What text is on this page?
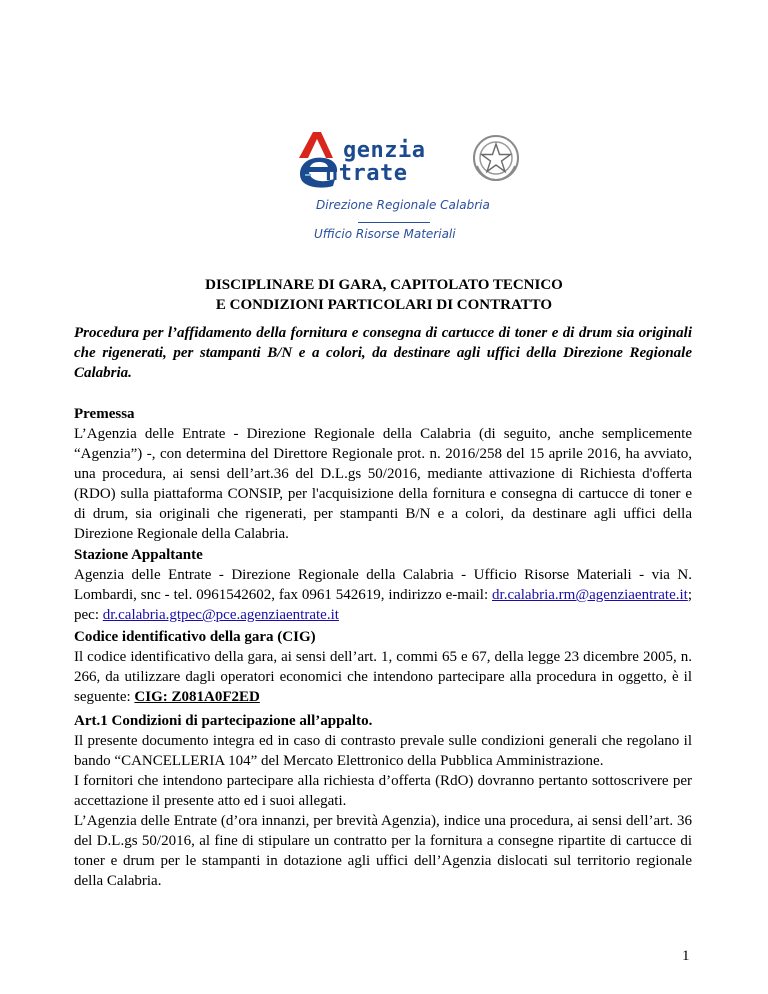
genzia
ntrate
Direzione Regionale Calabria
Ufficio Risorse Materiali
DISCIPLINARE DI GARA, CAPITOLATO TECNICO
E CONDIZIONI PARTICOLARI DI CONTRATTO
Procedura per l’affidamento della fornitura e consegna di cartucce di toner e di drum sia originali che rigenerati, per stampanti B/N e a colori, da destinare agli uffici della Direzione Regionale Calabria.
Premessa

L’Agenzia delle Entrate - Direzione Regionale della Calabria (di seguito, anche semplicemente “Agenzia”) -, con determina del Direttore Regionale prot. n. 2016/258 del 15 aprile 2016, ha avviato, una procedura, ai sensi dell’art.36 del D.L.gs 50/2016, mediante attivazione di Richiesta d'offerta (RDO) sulla piattaforma CONSIP, per l'acquisizione della fornitura e consegna di cartucce di toner e di drum, sia originali che rigenerati, per stampanti B/N e a colori, da destinare agli uffici della Direzione Regionale della Calabria.

Stazione Appaltante

Agenzia delle Entrate - Direzione Regionale della Calabria - Ufficio Risorse Materiali - via N. Lombardi, snc - tel. 0961542602, fax 0961 542619, indirizzo e-mail: dr.calabria.rm@agenziaentrate.it; pec: dr.calabria.gtpec@pce.agenziaentrate.it

Codice identificativo della gara (CIG)

Il codice identificativo della gara, ai sensi dell’art. 1, commi 65 e 67, della legge 23 dicembre 2005, n. 266, da utilizzare dagli operatori economici che intendono partecipare alla procedura in oggetto, è il seguente: CIG: Z081A0F2ED

Art.1 Condizioni di partecipazione all’appalto.

Il presente documento integra ed in caso di contrasto prevale sulle condizioni generali che regolano il bando “CANCELLERIA 104” del Mercato Elettronico della Pubblica Amministrazione.

I fornitori che intendono partecipare alla richiesta d’offerta (RdO) dovranno pertanto sottoscrivere per accettazione il presente atto ed i suoi allegati.

L’Agenzia delle Entrate (d’ora innanzi, per brevità Agenzia), indice una procedura, ai sensi dell’art. 36 del D.L.gs 50/2016, al fine di stipulare un contratto per la fornitura a consegne ripartite di cartucce di toner e drum per le stampanti in dotazione agli uffici dell’Agenzia dislocati sul territorio regionale della Calabria.

1
